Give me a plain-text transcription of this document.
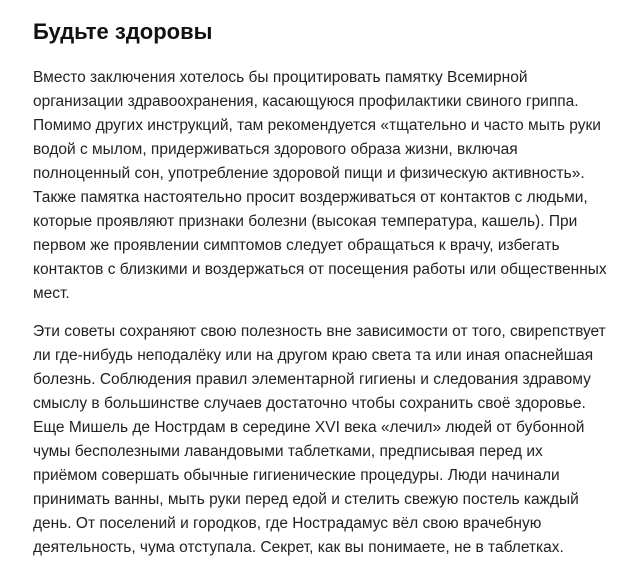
Будьте здоровы

Вместо заключения хотелось бы процитировать памятку Всемирной
организации здравоохранения, касающуюся профилактики свиного гриппа.
Помимо других инструкций, там рекомендуется «тщательно и часто мыть руки
водой с мылом, придерживаться здорового образа жизни, включая
полноценный сон, употребление здоровой пищи и физическую активность».
Также памятка настоятельно просит воздерживаться от контактов с людьми,
которые проявляют признаки болезни (высокая температура, кашель). При
первом же проявлении симптомов следует обращаться к врачу, избегать
контактов с близкими и воздержаться от посещения работы или общественных
мест.

Эти советы сохраняют свою полезность вне зависимости от того, свирепствует
ли где-нибудь неподалёку или на другом краю света та или иная опаснейшая
болезнь. Соблюдения правил элементарной гигиены и следования здравому
смыслу в большинстве случаев достаточно чтобы сохранить своё здоровье.
Еще Мишель де Нострдам в середине XVI века «лечил» людей от бубонной
чумы бесполезными лавандовыми таблетками, предписывая перед их
приёмом совершать обычные гигиенические процедуры. Люди начинали
принимать ванны, мыть руки перед едой и стелить свежую постель каждый
день. От поселений и городков, где Нострадамус вёл свою врачебную
деятельность, чума отступала. Секрет, как вы понимаете, не в таблетках.
